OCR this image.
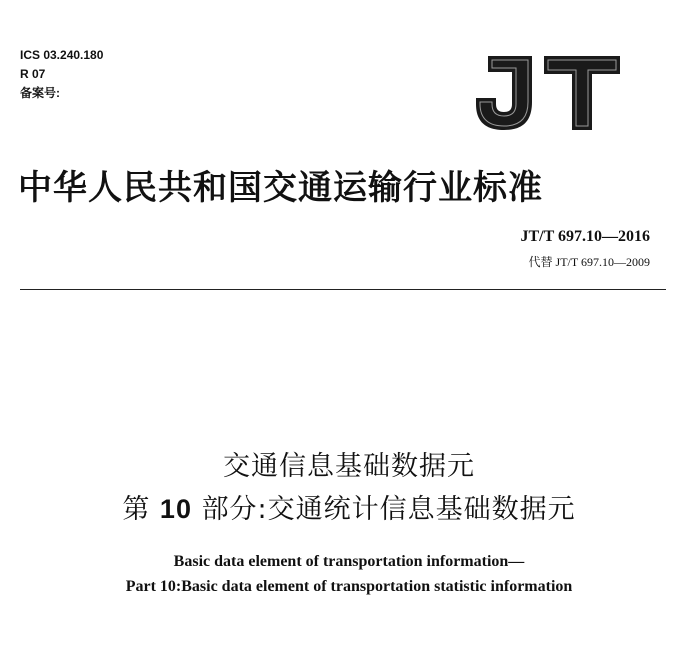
ICS 03.240.180
R 07
备案号:
中华人民共和国交通运输行业标准
JT/T 697.10—2016
代替 JT/T 697.10—2009
交通信息基础数据元
第 10 部分:交通统计信息基础数据元
Basic data element of transportation information—
Part 10:Basic data element of transportation statistic information
